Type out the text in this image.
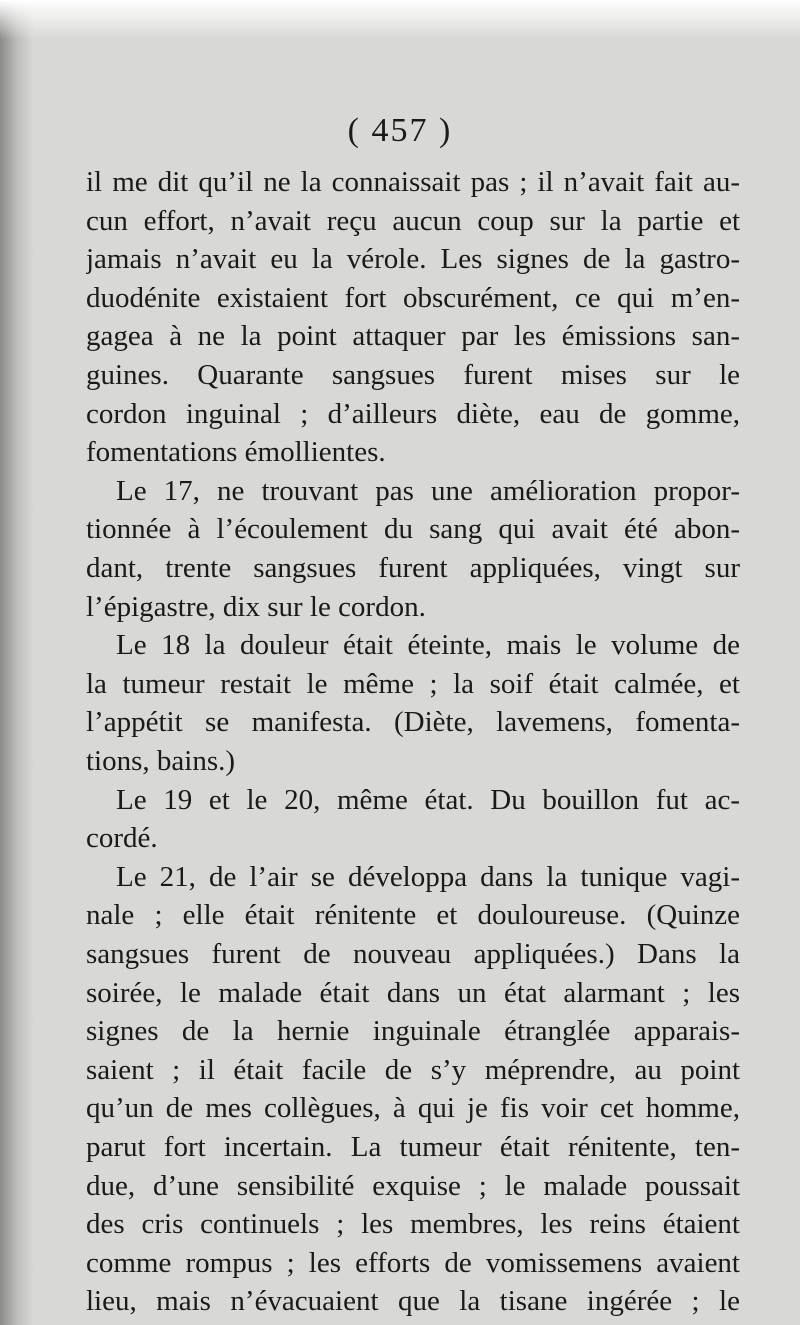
( 457 )
il me dit qu’il ne la connaissait pas ; il n’avait fait au-
cun effort, n’avait reçu aucun coup sur la partie et
jamais n’avait eu la vérole. Les signes de la gastro-
duodénite existaient fort obscurément, ce qui m’en-
gagea à ne la point attaquer par les émissions san-
guines. Quarante sangsues furent mises sur le
cordon inguinal ; d’ailleurs diète, eau de gomme,
fomentations émollientes.
Le 17, ne trouvant pas une amélioration propor-
tionnée à l’écoulement du sang qui avait été abon-
dant, trente sangsues furent appliquées, vingt sur
l’épigastre, dix sur le cordon.
Le 18 la douleur était éteinte, mais le volume de
la tumeur restait le même ; la soif était calmée, et
l’appétit se manifesta. (Diète, lavemens, fomenta-
tions, bains.)
Le 19 et le 20, même état. Du bouillon fut ac-
cordé.
Le 21, de l’air se développa dans la tunique vagi-
nale ; elle était rénitente et douloureuse. (Quinze
sangsues furent de nouveau appliquées.) Dans la
soirée, le malade était dans un état alarmant ; les
signes de la hernie inguinale étranglée apparais-
saient ; il était facile de s’y méprendre, au point
qu’un de mes collègues, à qui je fis voir cet homme,
parut fort incertain. La tumeur était rénitente, ten-
due, d’une sensibilité exquise ; le malade poussait
des cris continuels ; les membres, les reins étaient
comme rompus ; les efforts de vomissemens avaient
lieu, mais n’évacuaient que la tisane ingérée ; le
